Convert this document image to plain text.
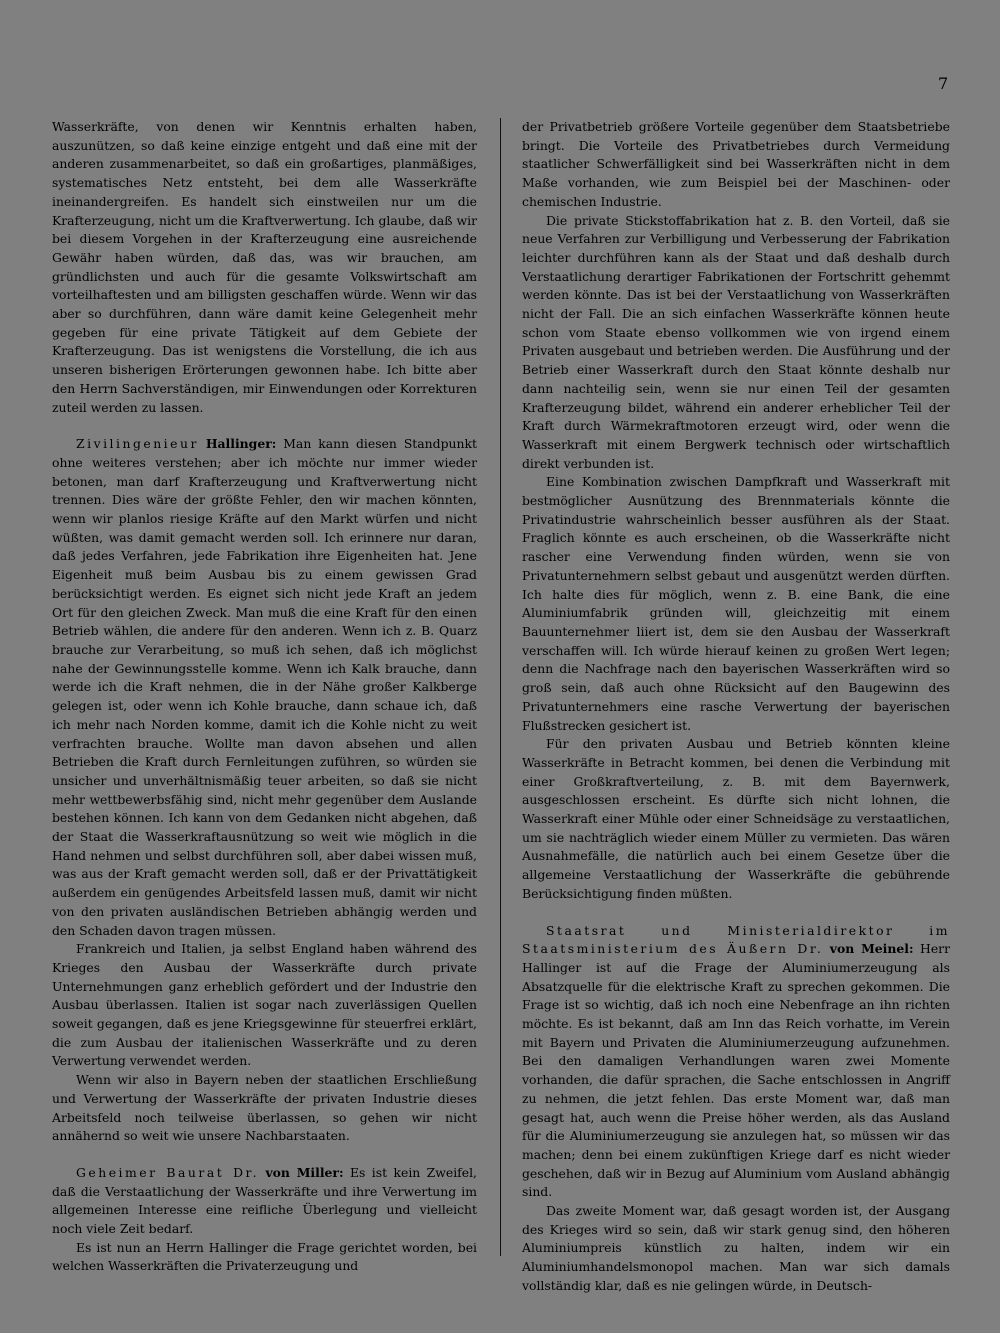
7

Wasserkräfte, von denen wir Kenntnis erhalten haben, auszunützen, so daß keine einzige entgeht und daß eine mit der anderen zusammenarbeitet, so daß ein großartiges, planmäßiges, systematisches Netz entsteht, bei dem alle Wasserkräfte ineinandergreifen. Es handelt sich einstweilen nur um die Krafterzeugung, nicht um die Kraftverwertung. Ich glaube, daß wir bei diesem Vorgehen in der Krafterzeugung eine ausreichende Gewähr haben würden, daß das, was wir brauchen, am gründlichsten und auch für die gesamte Volkswirtschaft am vorteilhaftesten und am billigsten geschaffen würde. Wenn wir das aber so durchführen, dann wäre damit keine Gelegenheit mehr gegeben für eine private Tätigkeit auf dem Gebiete der Krafterzeugung. Das ist wenigstens die Vorstellung, die ich aus unseren bisherigen Erörterungen gewonnen habe. Ich bitte aber den Herrn Sachverständigen, mir Einwendungen oder Korrekturen zuteil werden zu lassen.

Zivilingenieur Hallinger: Man kann diesen Standpunkt ohne weiteres verstehen; aber ich möchte nur immer wieder betonen, man darf Krafterzeugung und Kraftverwertung nicht trennen. Dies wäre der größte Fehler, den wir machen könnten, wenn wir planlos riesige Kräfte auf den Markt würfen und nicht wüßten, was damit gemacht werden soll. Ich erinnere nur daran, daß jedes Verfahren, jede Fabrikation ihre Eigenheiten hat. Jene Eigenheit muß beim Ausbau bis zu einem gewissen Grad berücksichtigt werden. Es eignet sich nicht jede Kraft an jedem Ort für den gleichen Zweck. Man muß die eine Kraft für den einen Betrieb wählen, die andere für den anderen. Wenn ich z. B. Quarz brauche zur Verarbeitung, so muß ich sehen, daß ich möglichst nahe der Gewinnungsstelle komme. Wenn ich Kalk brauche, dann werde ich die Kraft nehmen, die in der Nähe großer Kalkberge gelegen ist, oder wenn ich Kohle brauche, dann schaue ich, daß ich mehr nach Norden komme, damit ich die Kohle nicht zu weit verfrachten brauche. Wollte man davon absehen und allen Betrieben die Kraft durch Fernleitungen zuführen, so würden sie unsicher und unverhältnismäßig teuer arbeiten, so daß sie nicht mehr wettbewerbsfähig sind, nicht mehr gegenüber dem Auslande bestehen können. Ich kann von dem Gedanken nicht abgehen, daß der Staat die Wasserkraftausnützung so weit wie möglich in die Hand nehmen und selbst durchführen soll, aber dabei wissen muß, was aus der Kraft gemacht werden soll, daß er der Privattätigkeit außerdem ein genügendes Arbeitsfeld lassen muß, damit wir nicht von den privaten ausländischen Betrieben abhängig werden und den Schaden davon tragen müssen.

Frankreich und Italien, ja selbst England haben während des Krieges den Ausbau der Wasserkräfte durch private Unternehmungen ganz erheblich gefördert und der Industrie den Ausbau überlassen. Italien ist sogar nach zuverlässigen Quellen soweit gegangen, daß es jene Kriegsgewinne für steuerfrei erklärt, die zum Ausbau der italienischen Wasserkräfte und zu deren Verwertung verwendet werden.

Wenn wir also in Bayern neben der staatlichen Erschließung und Verwertung der Wasserkräfte der privaten Industrie dieses Arbeitsfeld noch teilweise überlassen, so gehen wir nicht annähernd so weit wie unsere Nachbarstaaten.

Geheimer Baurat Dr. von Miller: Es ist kein Zweifel, daß die Verstaatlichung der Wasserkräfte und ihre Verwertung im allgemeinen Interesse eine reifliche Überlegung und vielleicht noch viele Zeit bedarf.

Es ist nun an Herrn Hallinger die Frage gerichtet worden, bei welchen Wasserkräften die Privaterzeugung und

der Privatbetrieb größere Vorteile gegenüber dem Staatsbetriebe bringt. Die Vorteile des Privatbetriebes durch Vermeidung staatlicher Schwerfälligkeit sind bei Wasserkräften nicht in dem Maße vorhanden, wie zum Beispiel bei der Maschinen- oder chemischen Industrie.

Die private Stickstoffabrikation hat z. B. den Vorteil, daß sie neue Verfahren zur Verbilligung und Verbesserung der Fabrikation leichter durchführen kann als der Staat und daß deshalb durch Verstaatlichung derartiger Fabrikationen der Fortschritt gehemmt werden könnte. Das ist bei der Verstaatlichung von Wasserkräften nicht der Fall. Die an sich einfachen Wasserkräfte können heute schon vom Staate ebenso vollkommen wie von irgend einem Privaten ausgebaut und betrieben werden. Die Ausführung und der Betrieb einer Wasserkraft durch den Staat könnte deshalb nur dann nachteilig sein, wenn sie nur einen Teil der gesamten Krafterzeugung bildet, während ein anderer erheblicher Teil der Kraft durch Wärmekraftmotoren erzeugt wird, oder wenn die Wasserkraft mit einem Bergwerk technisch oder wirtschaftlich direkt verbunden ist.

Eine Kombination zwischen Dampfkraft und Wasserkraft mit bestmöglicher Ausnützung des Brennmaterials könnte die Privatindustrie wahrscheinlich besser ausführen als der Staat. Fraglich könnte es auch erscheinen, ob die Wasserkräfte nicht rascher eine Verwendung finden würden, wenn sie von Privatunternehmern selbst gebaut und ausgenützt werden dürften. Ich halte dies für möglich, wenn z. B. eine Bank, die eine Aluminiumfabrik gründen will, gleichzeitig mit einem Bauunternehmer liiert ist, dem sie den Ausbau der Wasserkraft verschaffen will. Ich würde hierauf keinen zu großen Wert legen; denn die Nachfrage nach den bayerischen Wasserkräften wird so groß sein, daß auch ohne Rücksicht auf den Baugewinn des Privatunternehmers eine rasche Verwertung der bayerischen Flußstrecken gesichert ist.

Für den privaten Ausbau und Betrieb könnten kleine Wasserkräfte in Betracht kommen, bei denen die Verbindung mit einer Großkraftverteilung, z. B. mit dem Bayernwerk, ausgeschlossen erscheint. Es dürfte sich nicht lohnen, die Wasserkraft einer Mühle oder einer Schneidsäge zu verstaatlichen, um sie nachträglich wieder einem Müller zu vermieten. Das wären Ausnahmefälle, die natürlich auch bei einem Gesetze über die allgemeine Verstaatlichung der Wasserkräfte die gebührende Berücksichtigung finden müßten.

Staatsrat und Ministerialdirektor im Staatsministerium des Äußern Dr. von Meinel: Herr Hallinger ist auf die Frage der Aluminiumerzeugung als Absatzquelle für die elektrische Kraft zu sprechen gekommen. Die Frage ist so wichtig, daß ich noch eine Nebenfrage an ihn richten möchte. Es ist bekannt, daß am Inn das Reich vorhatte, im Verein mit Bayern und Privaten die Aluminiumerzeugung aufzunehmen. Bei den damaligen Verhandlungen waren zwei Momente vorhanden, die dafür sprachen, die Sache entschlossen in Angriff zu nehmen, die jetzt fehlen. Das erste Moment war, daß man gesagt hat, auch wenn die Preise höher werden, als das Ausland für die Aluminiumerzeugung sie anzulegen hat, so müssen wir das machen; denn bei einem zukünftigen Kriege darf es nicht wieder geschehen, daß wir in Bezug auf Aluminium vom Ausland abhängig sind.

Das zweite Moment war, daß gesagt worden ist, der Ausgang des Krieges wird so sein, daß wir stark genug sind, den höheren Aluminiumpreis künstlich zu halten, indem wir ein Aluminiumhandelsmonopol machen. Man war sich damals vollständig klar, daß es nie gelingen würde, in Deutsch-
